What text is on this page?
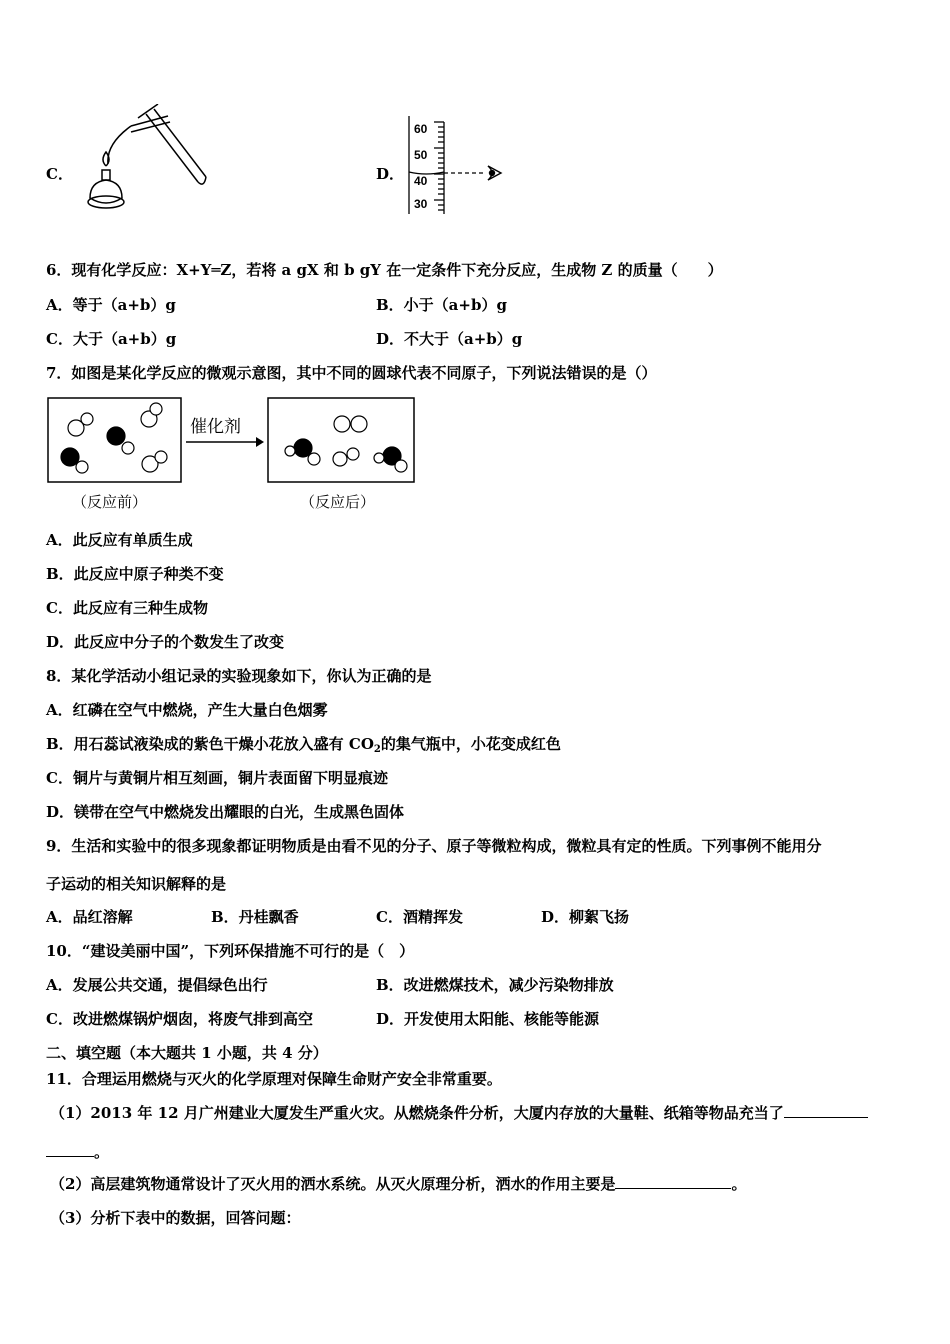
C．	D．
60
50
40
30
6．现有化学反应：X+Y═Z，若将 a gX 和 b gY 在一定条件下充分反应，生成物 Z 的质量（　　）
A．等于（a+b）g	B．小于（a+b）g
C．大于（a+b）g	D．不大于（a+b）g
7．如图是某化学反应的微观示意图，其中不同的圆球代表不同原子，下列说法错误的是（）
催化剂
（反应前）	（反应后）
A．此反应有单质生成
B．此反应中原子种类不变
C．此反应有三种生成物
D．此反应中分子的个数发生了改变
8．某化学活动小组记录的实验现象如下，你认为正确的是
A．红磷在空气中燃烧，产生大量白色烟雾
B．用石蕊试液染成的紫色干燥小花放入盛有 $CO_2$的集气瓶中，小花变成红色
C．铜片与黄铜片相互刻画，铜片表面留下明显痕迹
D．镁带在空气中燃烧发出耀眼的白光，生成黑色固体
9．生活和实验中的很多现象都证明物质是由看不见的分子、原子等微粒构成，微粒具有定的性质。下列事例不能用分
子运动的相关知识解释的是
A．品红溶解	B．丹桂飘香	C．酒精挥发	D．柳絮飞扬
10．“建设美丽中国”，下列环保措施不可行的是（　）
A．发展公共交通，提倡绿色出行	B．改进燃煤技术，减少污染物排放
C．改进燃煤锅炉烟囱，将废气排到高空	D．开发使用太阳能、核能等能源
二、填空题（本大题共 1 小题，共 4 分）
11．合理运用燃烧与灭火的化学原理对保障生命财产安全非常重要。
（1）2013 年 12 月广州建业大厦发生严重火灾。从燃烧条件分析，大厦内存放的大量鞋、纸箱等物品充当了
。
（2）高层建筑物通常设计了灭火用的洒水系统。从灭火原理分析，洒水的作用主要是	。
（3）分析下表中的数据，回答问题：
